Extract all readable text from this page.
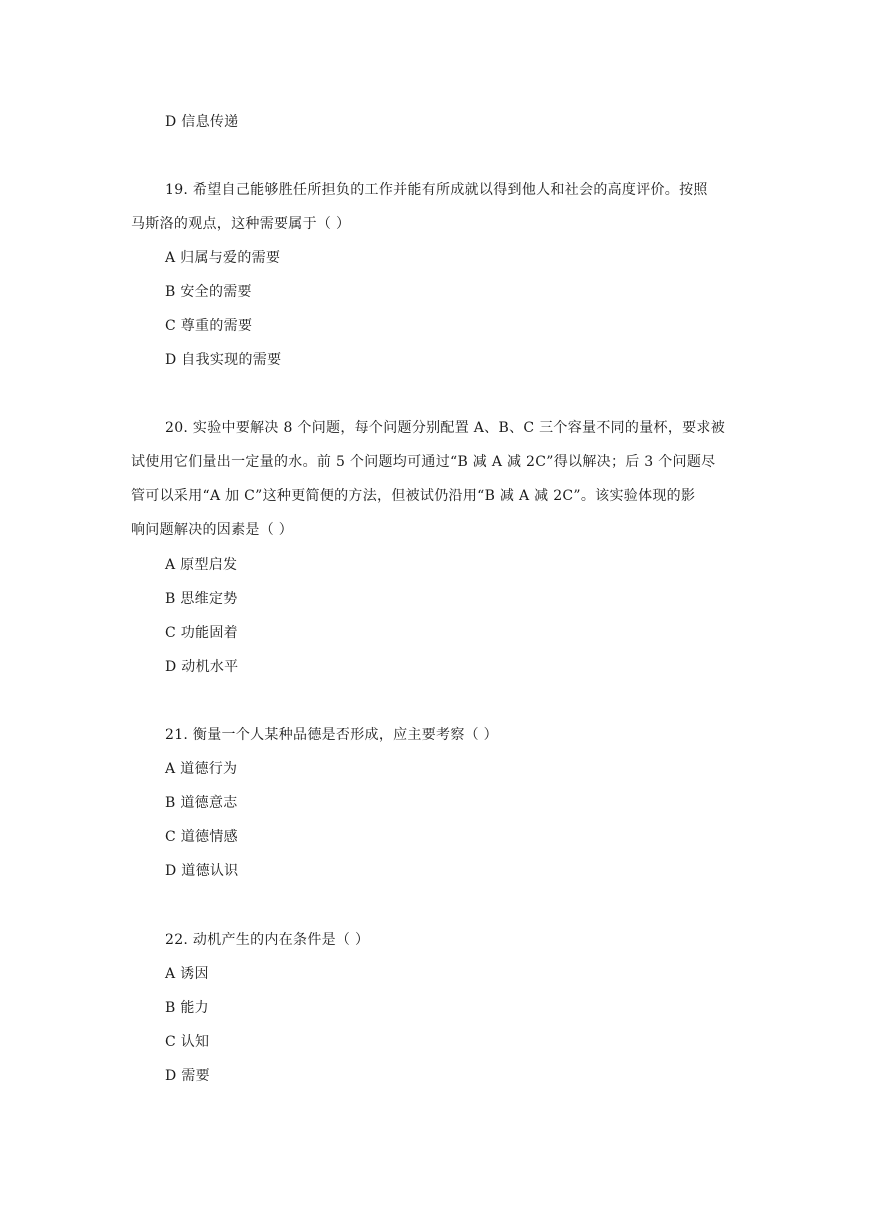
D 信息传递
19. 希望自己能够胜任所担负的工作并能有所成就以得到他人和社会的高度评价。按照
马斯洛的观点，这种需要属于（ ）
A 归属与爱的需要
B 安全的需要
C 尊重的需要
D 自我实现的需要
20. 实验中要解决 8 个问题，每个问题分别配置 A、B、C 三个容量不同的量杯，要求被
试使用它们量出一定量的水。前 5 个问题均可通过“B 减 A 减 2C”得以解决；后 3 个问题尽
管可以采用“A 加 C”这种更简便的方法，但被试仍沿用“B 减 A 减 2C”。该实验体现的影
响问题解决的因素是（ ）
A 原型启发
B 思维定势
C 功能固着
D 动机水平
21. 衡量一个人某种品德是否形成，应主要考察（ ）
A 道德行为
B 道德意志
C 道德情感
D 道德认识
22. 动机产生的内在条件是（ ）
A 诱因
B 能力
C 认知
D 需要
